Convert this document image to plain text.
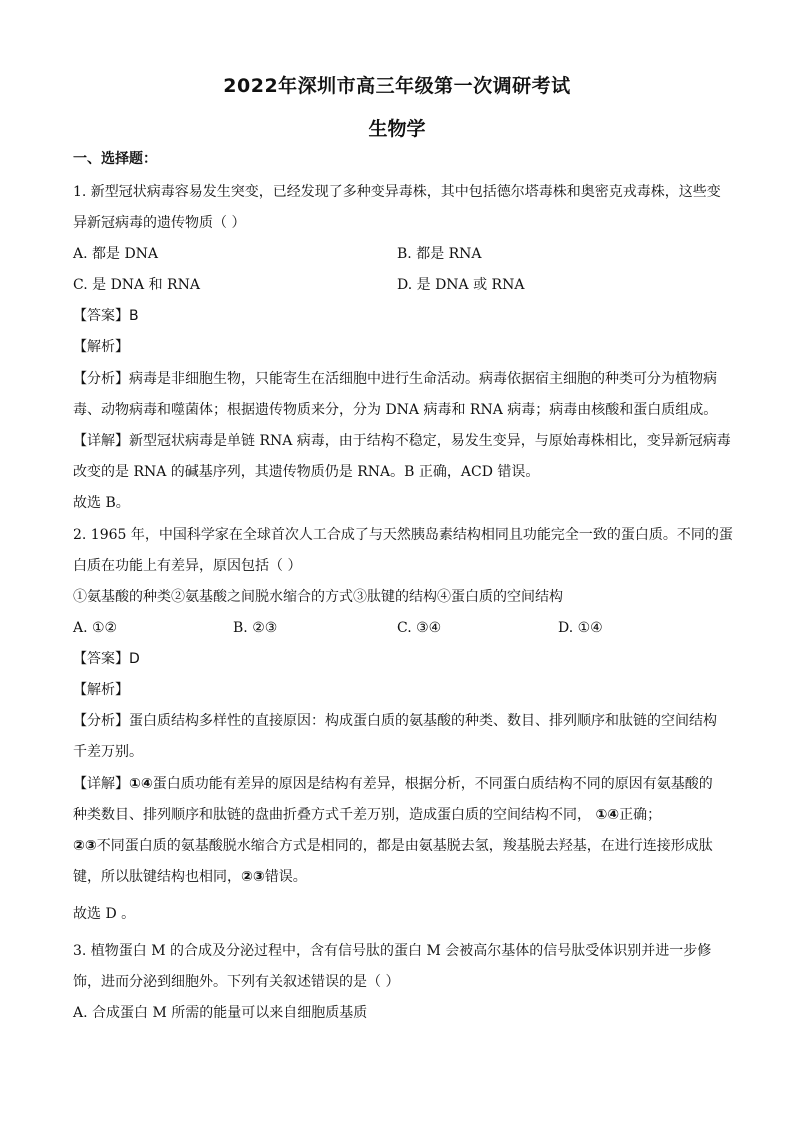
2022年深圳市高三年级第一次调研考试
生物学
一、选择题：
1. 新型冠状病毒容易发生突变，已经发现了多种变异毒株，其中包括德尔塔毒株和奥密克戎毒株，这些变
异新冠病毒的遗传物质（ ）
A. 都是 DNA	B. 都是 RNA
C. 是 DNA 和 RNA	D. 是 DNA 或 RNA
【答案】B
【解析】
【分析】病毒是非细胞生物，只能寄生在活细胞中进行生命活动。病毒依据宿主细胞的种类可分为植物病
毒、动物病毒和噬菌体；根据遗传物质来分，分为 DNA 病毒和 RNA 病毒；病毒由核酸和蛋白质组成。
【详解】新型冠状病毒是单链 RNA 病毒，由于结构不稳定，易发生变异，与原始毒株相比，变异新冠病毒
改变的是 RNA 的碱基序列，其遗传物质仍是 RNA。B 正确，ACD 错误。
故选 B。
2. 1965 年，中国科学家在全球首次人工合成了与天然胰岛素结构相同且功能完全一致的蛋白质。不同的蛋
白质在功能上有差异，原因包括（ ）
①氨基酸的种类②氨基酸之间脱水缩合的方式③肽键的结构④蛋白质的空间结构
A. ①②	B. ②③	C. ③④	D. ①④
【答案】D
【解析】
【分析】蛋白质结构多样性的直接原因：构成蛋白质的氨基酸的种类、数目、排列顺序和肽链的空间结构
千差万别。
【详解】①④蛋白质功能有差异的原因是结构有差异，根据分析，不同蛋白质结构不同的原因有氨基酸的
种类数目、排列顺序和肽链的盘曲折叠方式千差万别，造成蛋白质的空间结构不同， ①④正确；
②③不同蛋白质的氨基酸脱水缩合方式是相同的，都是由氨基脱去氢，羧基脱去羟基，在进行连接形成肽
键，所以肽键结构也相同，②③错误。
故选 D 。
3. 植物蛋白 M 的合成及分泌过程中，含有信号肽的蛋白 M 会被高尔基体的信号肽受体识别并进一步修
饰，进而分泌到细胞外。下列有关叙述错误的是（ ）
A. 合成蛋白 M 所需的能量可以来自细胞质基质
